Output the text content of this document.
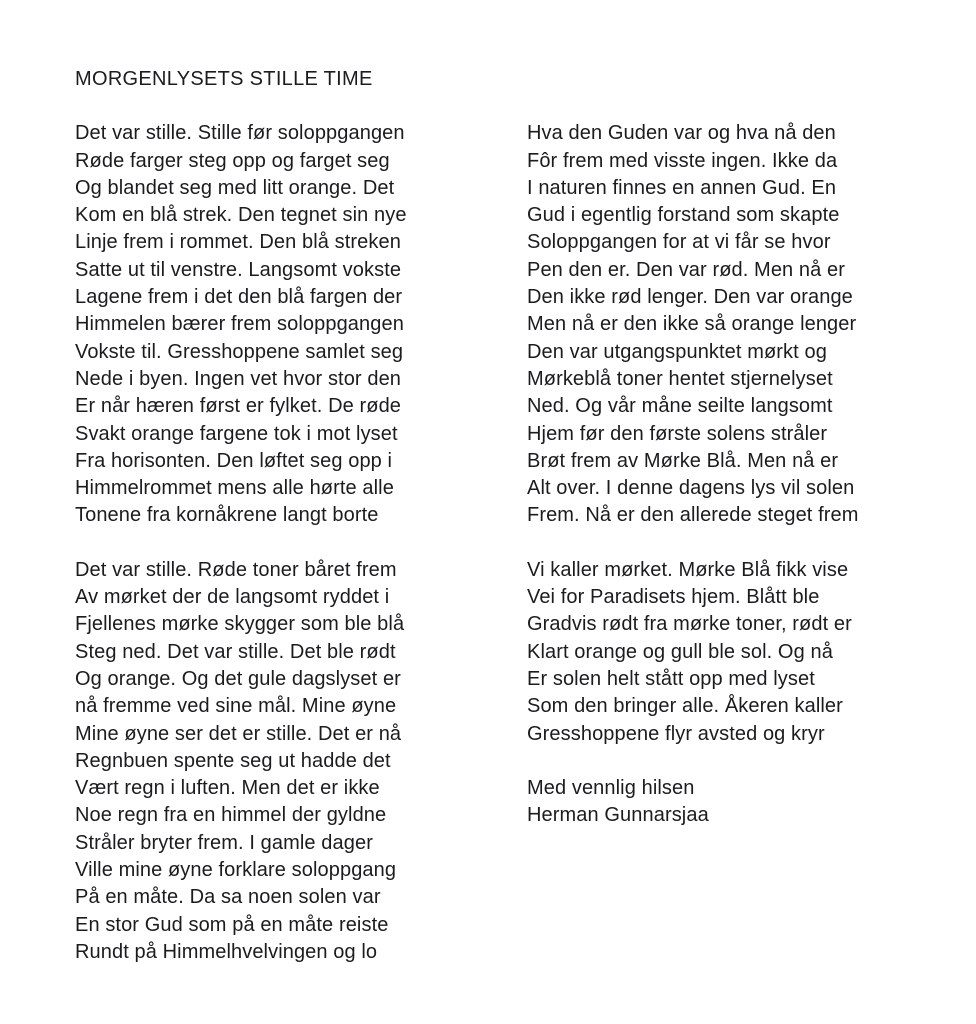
MORGENLYSETS STILLE TIME
Det var stille. Stille før soloppgangen
Røde farger steg opp og farget seg
Og blandet seg med litt orange. Det
Kom en blå strek. Den tegnet sin nye
Linje frem i rommet. Den blå streken
Satte ut til venstre. Langsomt vokste
Lagene frem i det den blå fargen der
Himmelen bærer frem soloppgangen
Vokste til. Gresshoppene samlet seg
Nede i byen. Ingen vet hvor stor den
Er når hæren først er fylket. De røde
Svakt orange fargene tok i mot lyset
Fra horisonten. Den løftet seg opp i
Himmelrommet mens alle hørte alle
Tonene fra kornåkrene langt borte
Det var stille. Røde toner båret frem
Av mørket der de langsomt ryddet i
Fjellenes mørke skygger som ble blå
Steg ned. Det var stille. Det ble rødt
Og orange. Og det gule dagslyset er
nå fremme ved sine mål. Mine øyne
Mine øyne ser det er stille. Det er nå
Regnbuen spente seg ut hadde det
Vært regn i luften. Men det er ikke
Noe regn fra en himmel der gyldne
Stråler bryter frem. I gamle dager
Ville mine øyne forklare soloppgang
På en måte. Da sa noen solen var
En stor Gud som på en måte reiste
Rundt på Himmelhvelvingen og lo
Hva den Guden var og hva nå den
Fôr frem med visste ingen. Ikke da
I naturen finnes en annen Gud. En
Gud i egentlig forstand som skapte
Soloppgangen for at vi får se hvor
Pen den er. Den var rød. Men nå er
Den ikke rød lenger. Den var orange
Men nå er den ikke så orange lenger
Den var utgangspunktet mørkt og
Mørkeblå toner hentet stjernelyset
Ned. Og vår måne seilte langsomt
Hjem før den første solens stråler
Brøt frem av Mørke Blå. Men nå er
Alt over. I denne dagens lys vil solen
Frem. Nå er den allerede steget frem
Vi kaller mørket. Mørke Blå fikk vise
Vei for Paradisets hjem. Blått ble
Gradvis rødt fra mørke toner, rødt er
Klart orange og gull ble sol. Og nå
Er solen helt stått opp med lyset
Som den bringer alle. Åkeren kaller
Gresshoppene flyr avsted og kryr
Med vennlig hilsen
Herman Gunnarsjaa
